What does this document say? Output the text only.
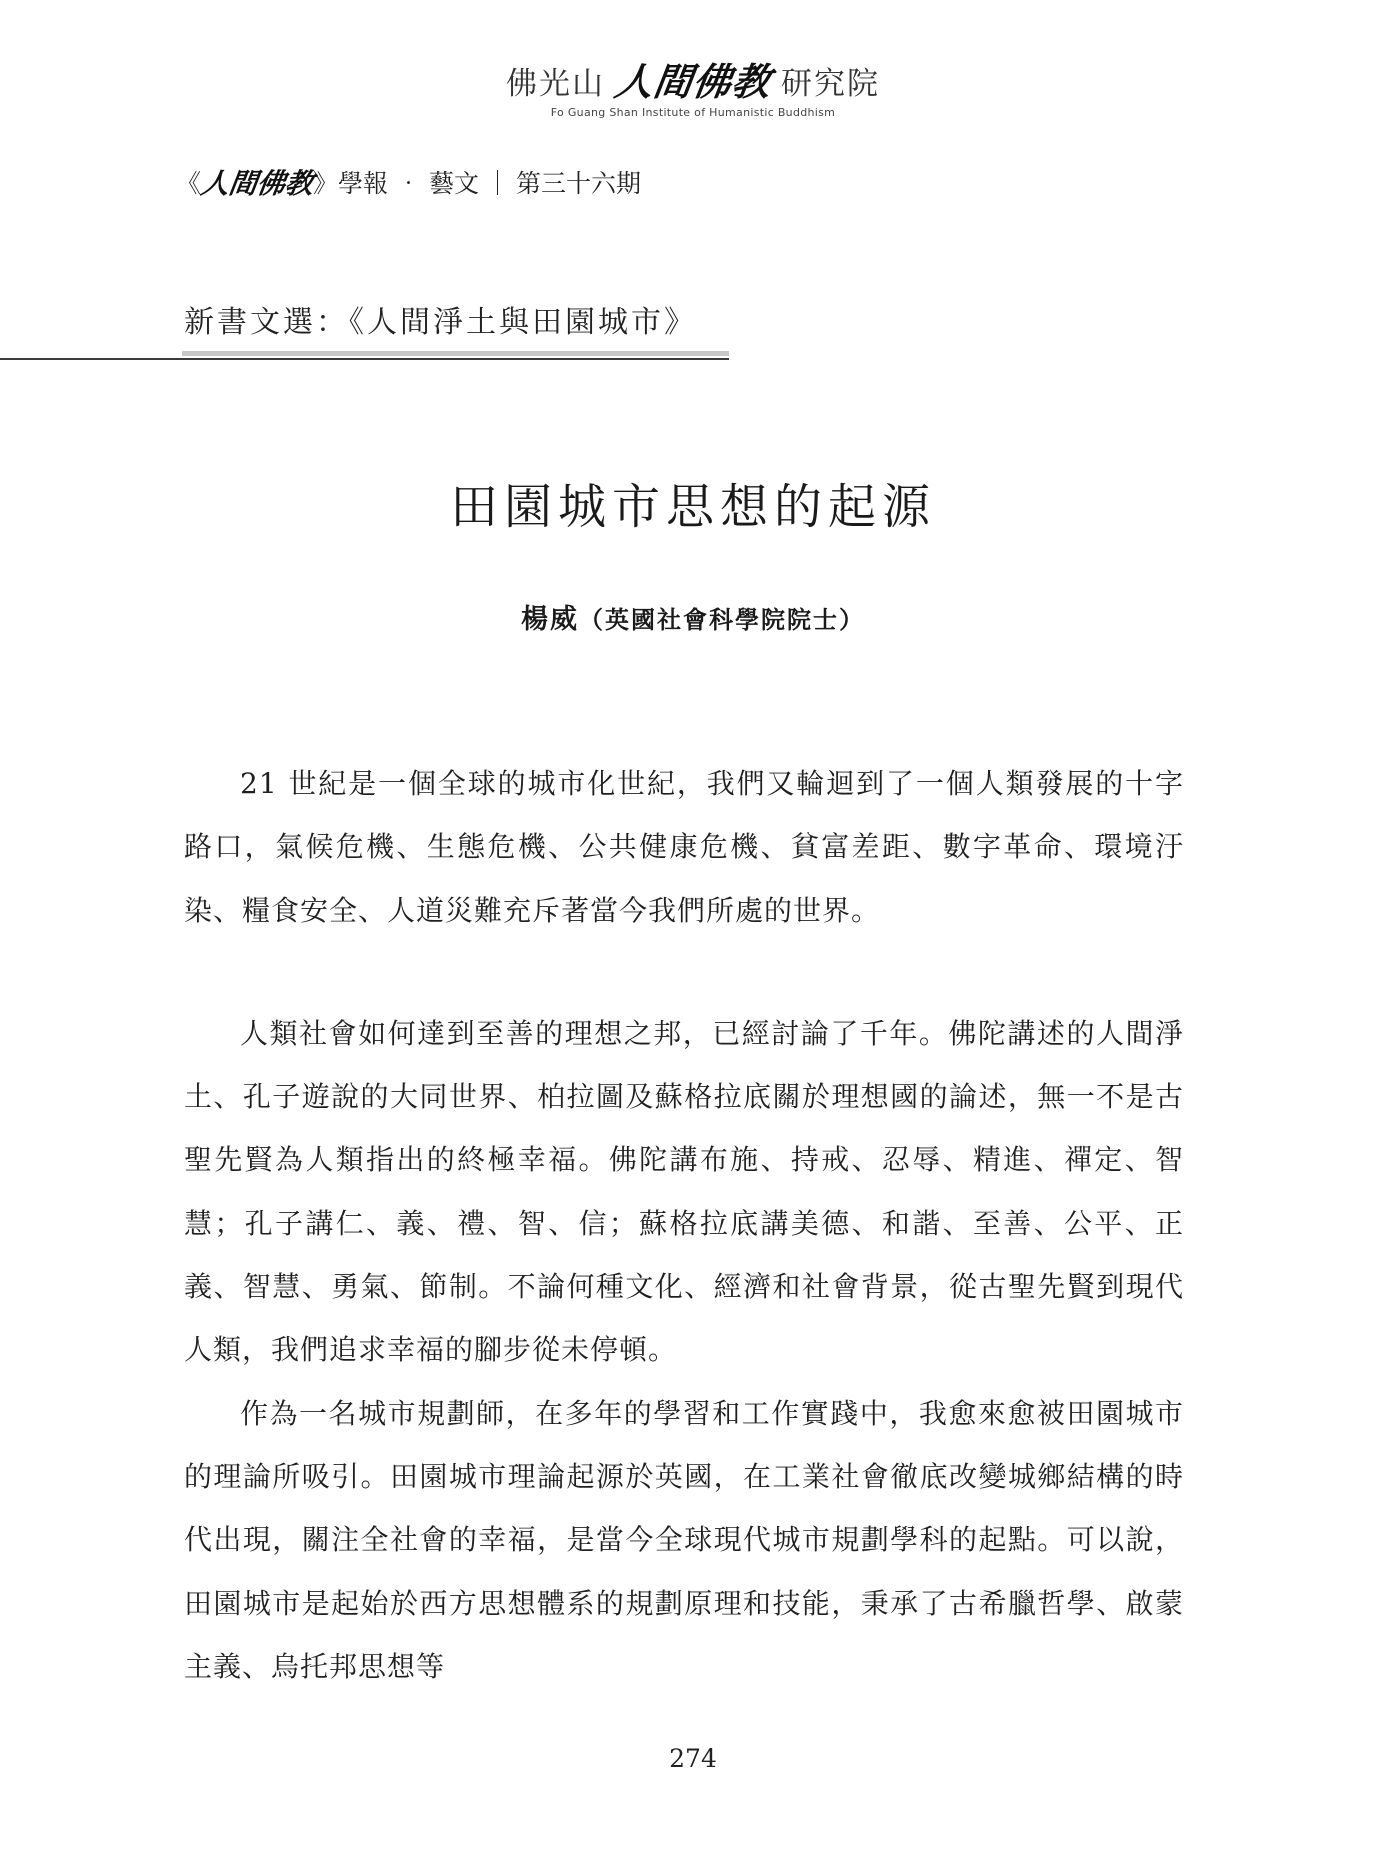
佛光山 人間佛教 研究院
Fo Guang Shan Institute of Humanistic Buddhism
《
人間佛教
》 學報 ‧ 藝文 ｜ 第三十六期
新書文選：《人間淨土與田園城市》
田園城市思想的起源
楊威（英國社會科學院院士）

21 世紀是一個全球的城市化世紀，我們又輪迴到了一個人類發展的十字路口，氣候危機、生態危機、公共健康危機、貧富差距、數字革命、環境汙染、糧食安全、人道災難充斥著當今我們所處的世界。

人類社會如何達到至善的理想之邦，已經討論了千年。佛陀講述的人間淨土、孔子遊說的大同世界、柏拉圖及蘇格拉底關於理想國的論述，無一不是古聖先賢為人類指出的終極幸福。佛陀講布施、持戒、忍辱、精進、禪定、智慧；孔子講仁、義、禮、智、信；蘇格拉底講美德、和諧、至善、公平、正義、智慧、勇氣、節制。不論何種文化、經濟和社會背景，從古聖先賢到現代人類，我們追求幸福的腳步從未停頓。

作為一名城市規劃師，在多年的學習和工作實踐中，我愈來愈被田園城市的理論所吸引。田園城市理論起源於英國，在工業社會徹底改變城鄉結構的時代出現，關注全社會的幸福，是當今全球現代城市規劃學科的起點。可以說，田園城市是起始於西方思想體系的規劃原理和技能，秉承了古希臘哲學、啟蒙主義、烏托邦思想等

274
